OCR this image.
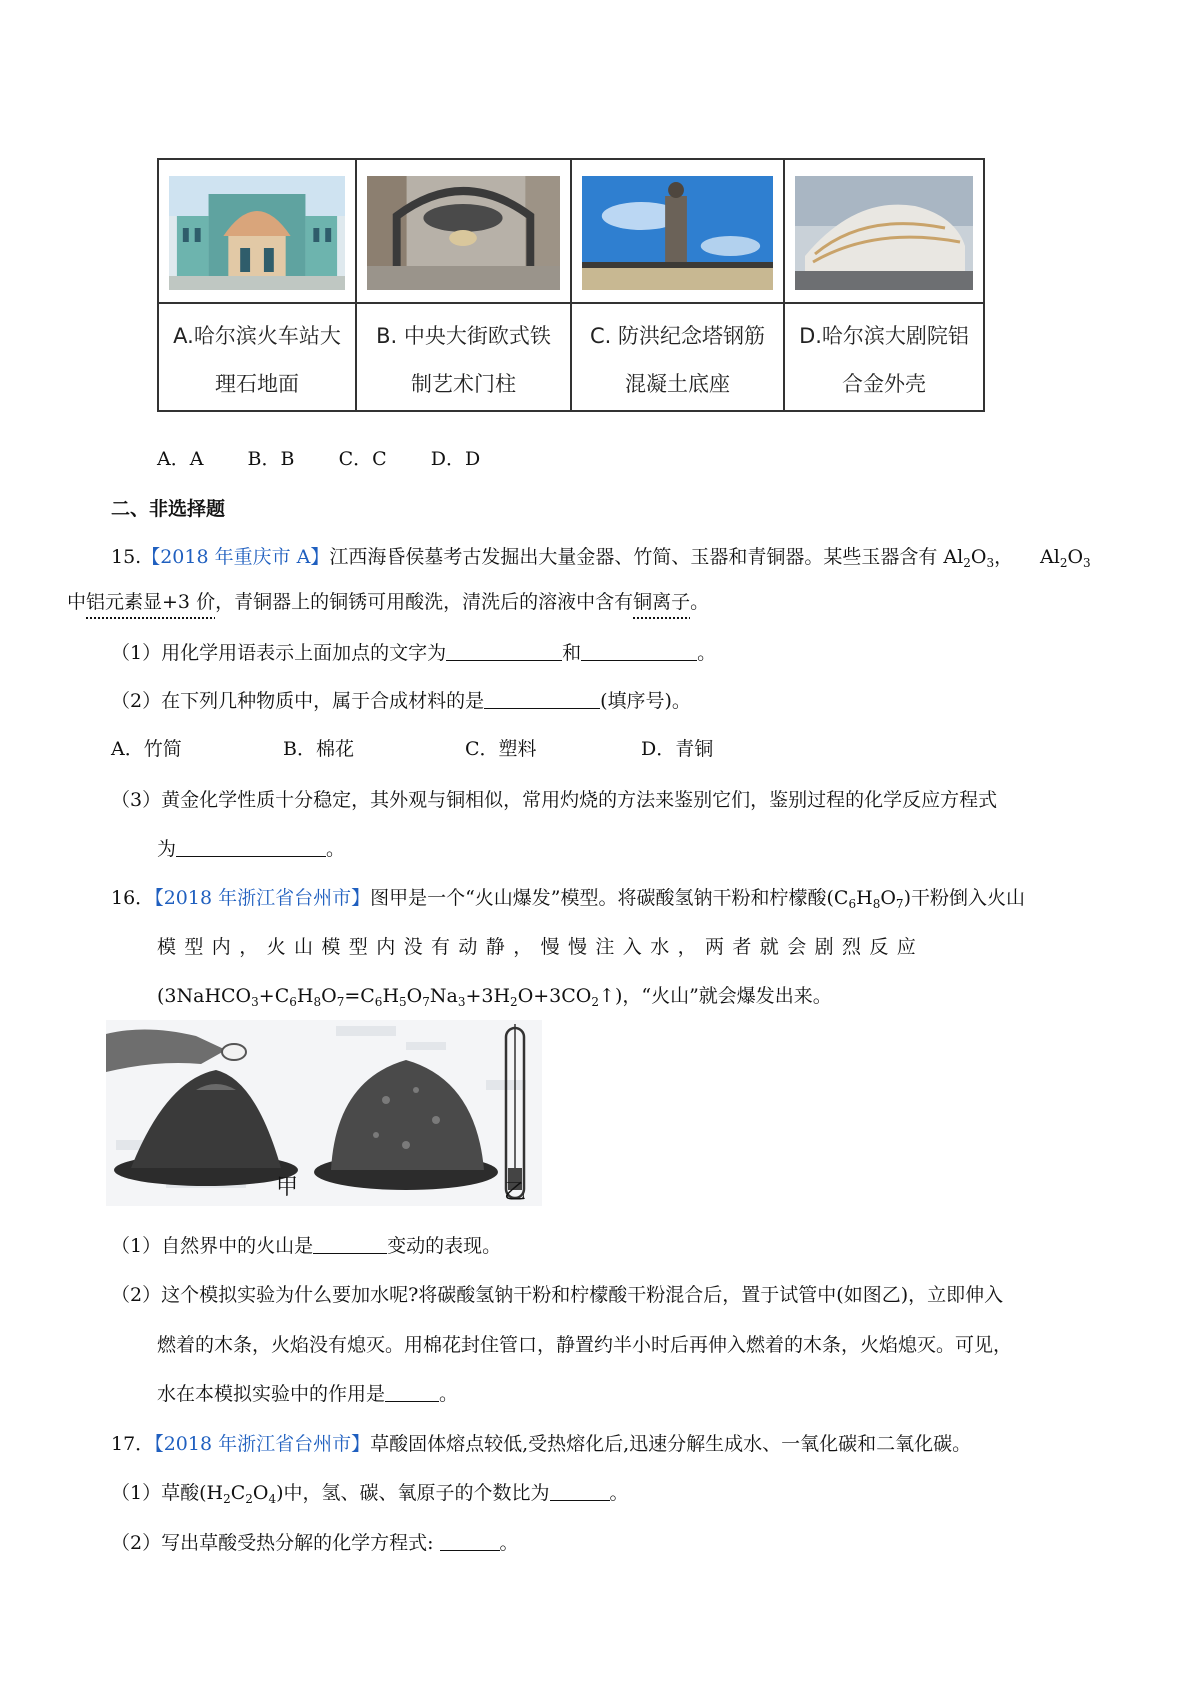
A.哈尔滨火车站大
理石地面
B. 中央大街欧式铁
制艺术门柱
C. 防洪纪念塔钢筋
混凝土底座
D.哈尔滨大剧院铝
合金外壳
A．A B．B C．C D．D
二、非选择题
15.【2018 年重庆市 A】江西海昏侯墓考古发掘出大量金器、竹简、玉器和青铜器。某些玉器含有 $Al_2O_3$， $Al_2O_3$
中铝元素显+3 价，青铜器上的铜锈可用酸洗，清洗后的溶液中含有铜离子。
（1）用化学用语表示上面加点的文字为	和	。
（2）在下列几种物质中，属于合成材料的是	(填序号)。
A．竹简	B．棉花	C．塑料	D．青铜
（3）黄金化学性质十分稳定，其外观与铜相似，常用灼烧的方法来鉴别它们，鉴别过程的化学反应方程式
为	。
16．【2018 年浙江省台州市】图甲是一个“火山爆发”模型。将碳酸氢钠干粉和柠檬酸$(C_6H_8O_7)$干粉倒入火山
模型内，火山模型内没有动静，慢慢注入水，两者就会剧烈反应
$(3NaHCO_3+C_6H_8O_7=C_6H_5O_7Na_3+3H_2O+3CO_2↑)$，“火山”就会爆发出来。
甲	乙
（1）自然界中的火山是	变动的表现。
（2）这个模拟实验为什么要加水呢?将碳酸氢钠干粉和柠檬酸干粉混合后，置于试管中(如图乙)，立即伸入
燃着的木条，火焰没有熄灭。用棉花封住管口，静置约半小时后再伸入燃着的木条，火焰熄灭。可见，
水在本模拟实验中的作用是	。
17．【2018 年浙江省台州市】草酸固体熔点较低,受热熔化后,迅速分解生成水、一氧化碳和二氧化碳。
（1）草酸$(H_2C_2O_4)$中，氢、碳、氧原子的个数比为	。
（2）写出草酸受热分解的化学方程式:	。
